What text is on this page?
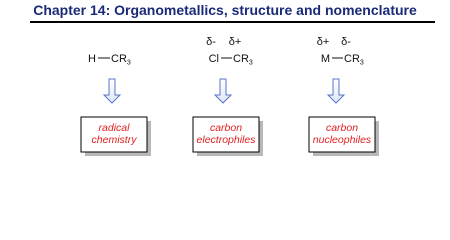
Chapter 14: Organometallics, structure and nomenclature
H $CR_3$
radical
chemistry
δ- δ+
Cl $CR_3$
carbon
electrophiles
δ+ δ-
M $CR_3$
carbon
nucleophiles
